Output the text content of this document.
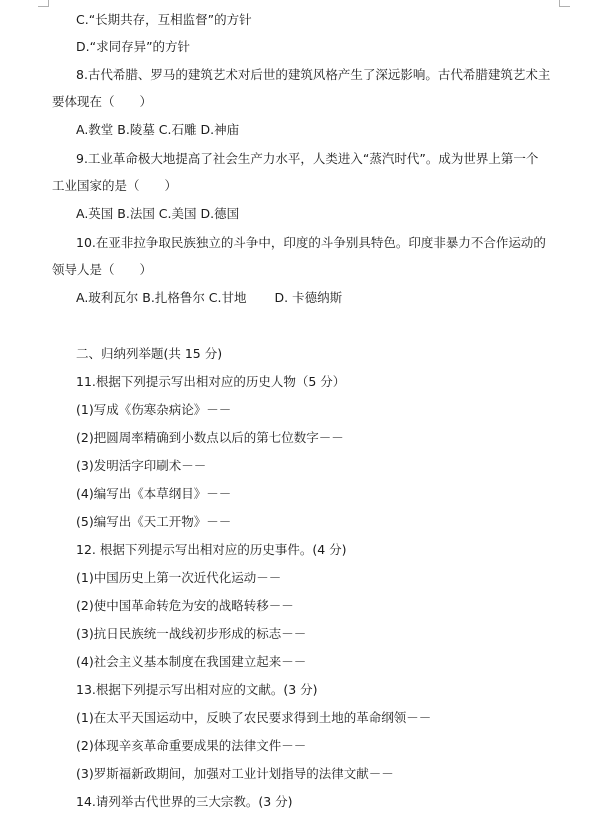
C.“长期共存，互相监督”的方针
D.“求同存异”的方针
8.古代希腊、罗马的建筑艺术对后世的建筑风格产生了深远影响。古代希腊建筑艺术主
要体现在（　　）
A.教堂 B.陵墓 C.石雕 D.神庙
9.工业革命极大地提高了社会生产力水平，人类进入“蒸汽时代”。成为世界上第一个
工业国家的是（　　）
A.英国 B.法国 C.美国 D.德国
10.在亚非拉争取民族独立的斗争中，印度的斗争别具特色。印度非暴力不合作运动的
领导人是（　　）
A.玻利瓦尔 B.扎格鲁尔 C.甘地 D. 卡德纳斯
二、归纳列举题(共 15 分)
11.根据下列提示写出相对应的历史人物（5 分）
(1)写成《伤寒杂病论》－－
(2)把圆周率精确到小数点以后的第七位数字－－
(3)发明活字印刷术－－
(4)编写出《本草纲目》－－
(5)编写出《天工开物》－－
12. 根据下列提示写出相对应的历史事件。(4 分)
(1)中国历史上第一次近代化运动－－
(2)使中国革命转危为安的战略转移－－
(3)抗日民族统一战线初步形成的标志－－
(4)社会主义基本制度在我国建立起来－－
13.根据下列提示写出相对应的文献。(3 分)
(1)在太平天国运动中，反映了农民要求得到土地的革命纲领－－
(2)体现辛亥革命重要成果的法律文件－－
(3)罗斯福新政期间，加强对工业计划指导的法律文献－－
14.请列举古代世界的三大宗教。(3 分)
